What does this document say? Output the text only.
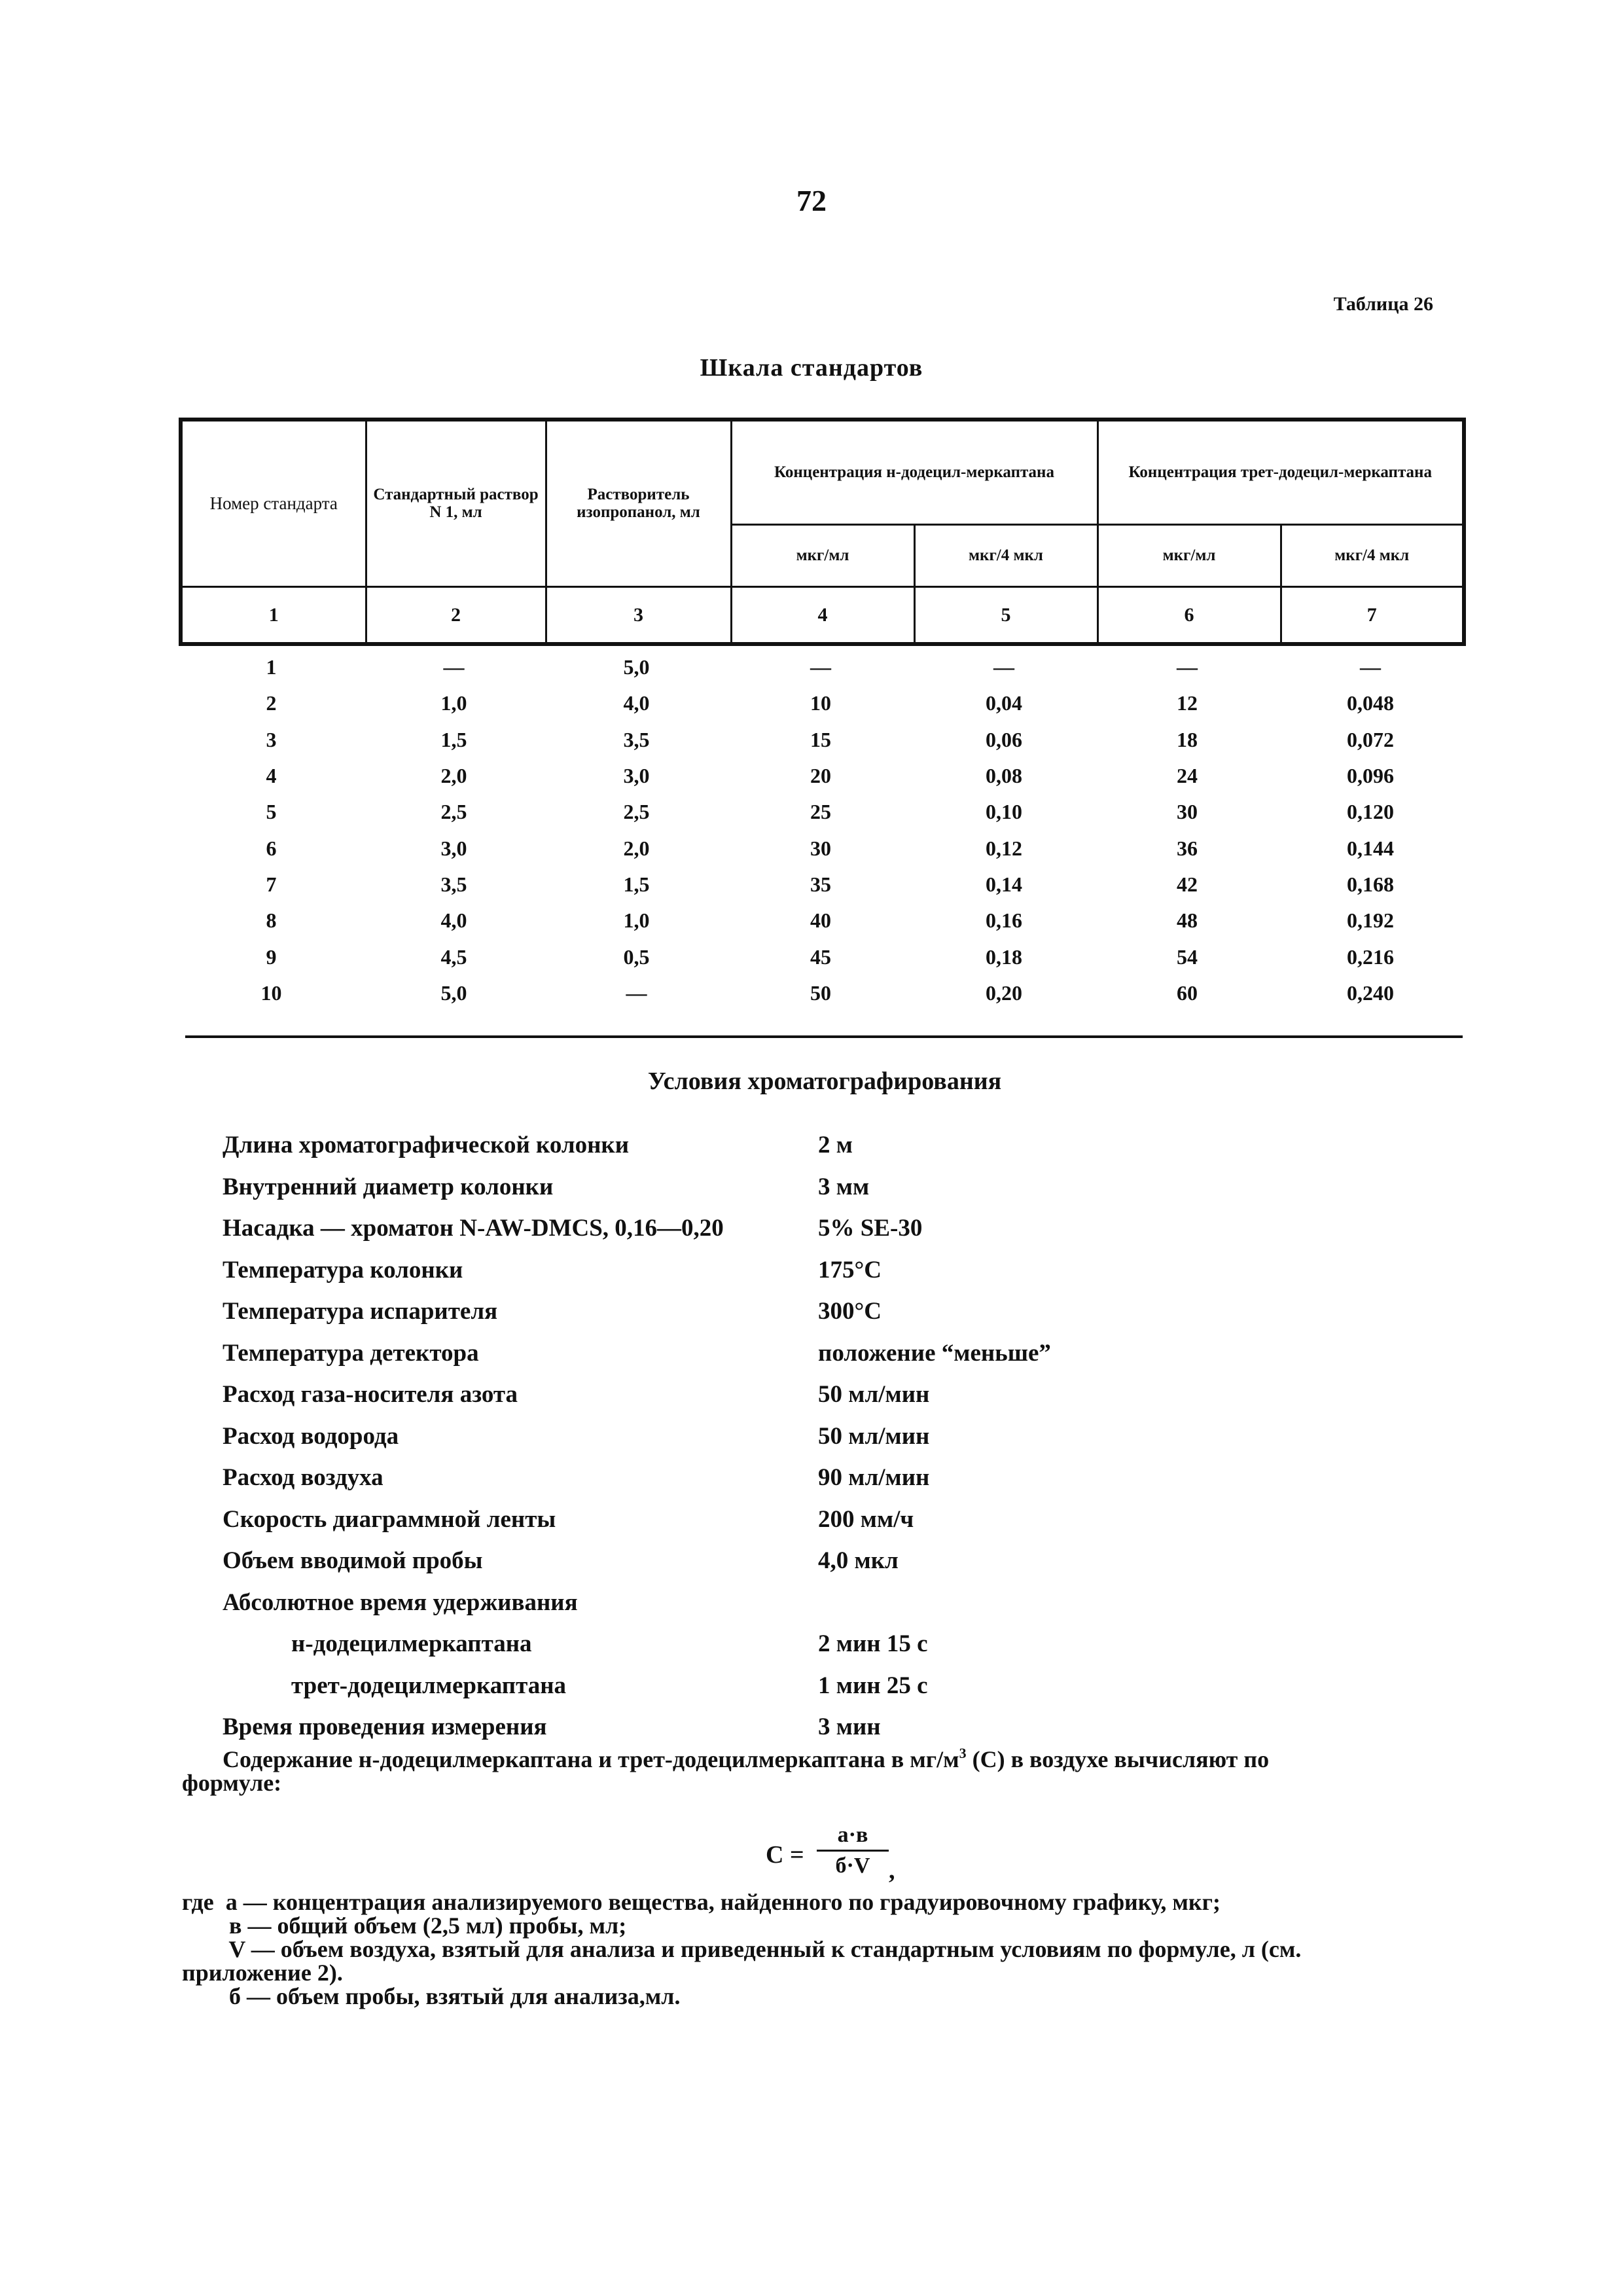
72
Таблица 26
Шкала стандартов
Номер стандарта	Стандартный раствор N 1, мл	Растворитель изопропанол, мл	Концентрация н-додецил-меркаптана		Концентрация трет-додецил-меркаптана	
			мкг/мл	мкг/4 мкл	мкг/мл	мкг/4 мкл
1	2	3	4	5	6	7
1	—	5,0	—	—	—	—
2	1,0	4,0	10	0,04	12	0,048
3	1,5	3,5	15	0,06	18	0,072
4	2,0	3,0	20	0,08	24	0,096
5	2,5	2,5	25	0,10	30	0,120
6	3,0	2,0	30	0,12	36	0,144
7	3,5	1,5	35	0,14	42	0,168
8	4,0	1,0	40	0,16	48	0,192
9	4,5	0,5	45	0,18	54	0,216
10	5,0	—	50	0,20	60	0,240
Условия хроматографирования
Длина хроматографической колонки	2 м
Внутренний диаметр колонки	3 мм
Насадка — хроматон N-AW-DMCS, 0,16—0,20	5% SE-30
Температура колонки	175°C
Температура испарителя	300°C
Температура детектора	положение “меньше”
Расход газа-носителя азота	50 мл/мин
Расход водорода	50 мл/мин
Расход воздуха	90 мл/мин
Скорость диаграммной ленты	200 мм/ч
Объем вводимой пробы	4,0 мкл
Абсолютное время удерживания
н-додецилмеркаптана	2 мин 15 с
трет-додецилмеркаптана	1 мин 25 с
Время проведения измерения	3 мин
Содержание н-додецилмеркаптана и трет-додецилмеркаптана в $мг/м^3$ (С) в воздухе вычисляют по
формуле:
С =
а·в
б·V ,
где  а — концентрация анализируемого вещества, найденного по градуировочному графику, мкг;
в — общий объем (2,5 мл) пробы, мл;
V — объем воздуха, взятый для анализа и приведенный к стандартным условиям по формуле, л (см.
приложение 2).
б — объем пробы, взятый для анализа,мл.
